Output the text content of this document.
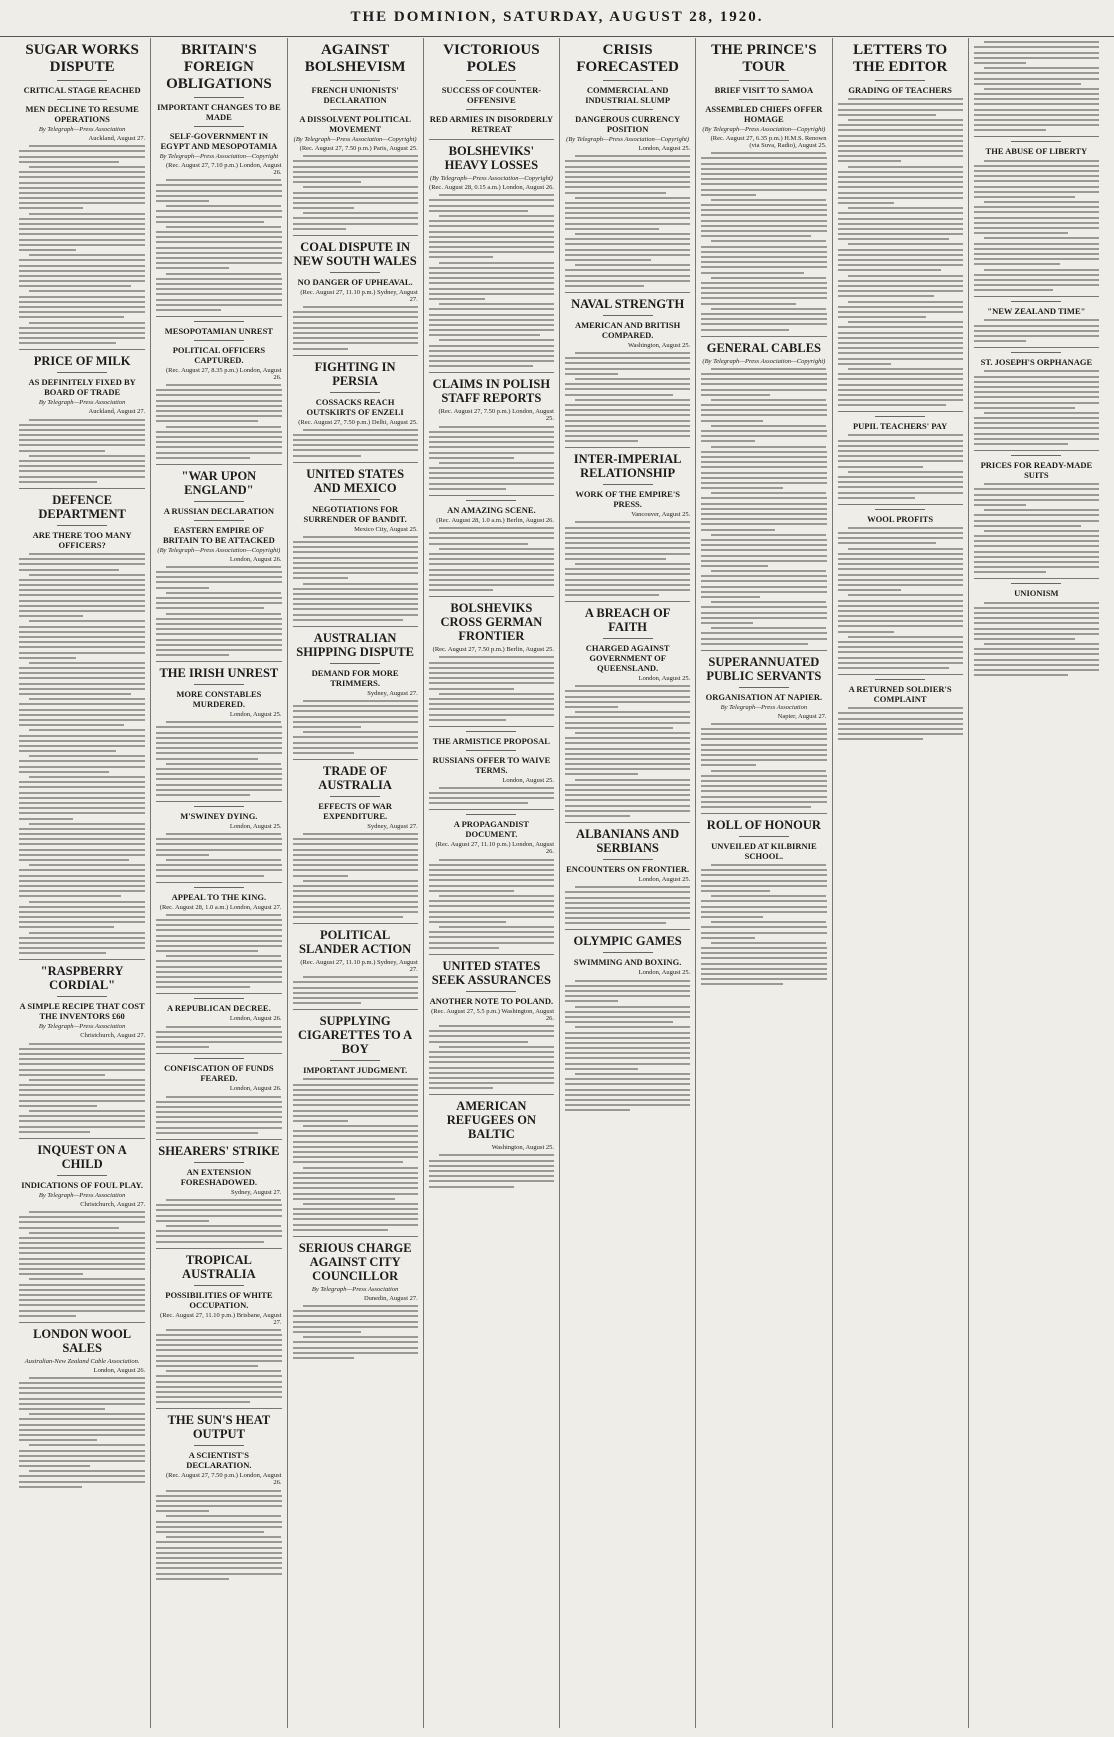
THE DOMINION, SATURDAY, AUGUST 28, 1920.
SUGAR WORKS DISPUTE
CRITICAL STAGE REACHED
MEN DECLINE TO RESUME OPERATIONS
By Telegraph—Press Association
Auckland, August 27.
PRICE OF MILK
AS DEFINITELY FIXED BY BOARD OF TRADE
By Telegraph—Press Association
Auckland, August 27.
DEFENCE DEPARTMENT
ARE THERE TOO MANY OFFICERS?
"RASPBERRY CORDIAL"
A SIMPLE RECIPE THAT COST THE INVENTORS £60
By Telegraph—Press Association
Christchurch, August 27.
INQUEST ON A CHILD
INDICATIONS OF FOUL PLAY.
By Telegraph—Press Association
Christchurch, August 27.
LONDON WOOL SALES
Australian-New Zealand Cable Association.
London, August 26.
BRITAIN'S FOREIGN OBLIGATIONS
IMPORTANT CHANGES TO BE MADE
SELF-GOVERNMENT IN EGYPT AND MESOPOTAMIA
By Telegraph—Press Association—Copyright
(Rec. August 27, 7.10 p.m.) London, August 26.
MESOPOTAMIAN UNREST
POLITICAL OFFICERS CAPTURED.
(Rec. August 27, 8.35 p.m.) London, August 26.
"WAR UPON ENGLAND"
A RUSSIAN DECLARATION
EASTERN EMPIRE OF BRITAIN TO BE ATTACKED
(By Telegraph—Press Association—Copyright)
London, August 26.
THE IRISH UNREST
MORE CONSTABLES MURDERED.
London, August 25.
M'SWINEY DYING.
London, August 25.
APPEAL TO THE KING.
(Rec. August 28, 1.0 a.m.) London, August 27.
A REPUBLICAN DECREE.
London, August 26.
CONFISCATION OF FUNDS FEARED.
London, August 26.
SHEARERS' STRIKE
AN EXTENSION FORESHADOWED.
Sydney, August 27.
TROPICAL AUSTRALIA
POSSIBILITIES OF WHITE OCCUPATION.
(Rec. August 27, 11.10 p.m.) Brisbane, August 27.
THE SUN'S HEAT OUTPUT
A SCIENTIST'S DECLARATION.
(Rec. August 27, 7.50 p.m.) London, August 26.
AGAINST BOLSHEVISM
FRENCH UNIONISTS' DECLARATION
A DISSOLVENT POLITICAL MOVEMENT
(By Telegraph—Press Association—Copyright)
(Rec. August 27, 7.50 p.m.) Paris, August 25.
COAL DISPUTE IN NEW SOUTH WALES
NO DANGER OF UPHEAVAL.
(Rec. August 27, 11.10 p.m.) Sydney, August 27.
FIGHTING IN PERSIA
COSSACKS REACH OUTSKIRTS OF ENZELI
(Rec. August 27, 7.50 p.m.) Delhi, August 25.
UNITED STATES AND MEXICO
NEGOTIATIONS FOR SURRENDER OF BANDIT.
Mexico City, August 25.
AUSTRALIAN SHIPPING DISPUTE
DEMAND FOR MORE TRIMMERS.
Sydney, August 27.
TRADE OF AUSTRALIA
EFFECTS OF WAR EXPENDITURE.
Sydney, August 27.
POLITICAL SLANDER ACTION
(Rec. August 27, 11.10 p.m.) Sydney, August 27.
SUPPLYING CIGARETTES TO A BOY
IMPORTANT JUDGMENT.
SERIOUS CHARGE AGAINST CITY COUNCILLOR
By Telegraph—Press Association
Dunedin, August 27.
VICTORIOUS POLES
SUCCESS OF COUNTER-OFFENSIVE
RED ARMIES IN DISORDERLY RETREAT
BOLSHEVIKS' HEAVY LOSSES
(By Telegraph—Press Association—Copyright)
(Rec. August 28, 0.15 a.m.) London, August 26.
CLAIMS IN POLISH STAFF REPORTS
(Rec. August 27, 7.50 p.m.) London, August 25.
AN AMAZING SCENE.
(Rec. August 28, 1.0 a.m.) Berlin, August 26.
BOLSHEVIKS CROSS GERMAN FRONTIER
(Rec. August 27, 7.50 p.m.) Berlin, August 25.
THE ARMISTICE PROPOSAL
RUSSIANS OFFER TO WAIVE TERMS.
London, August 25.
A PROPAGANDIST DOCUMENT.
(Rec. August 27, 11.10 p.m.) London, August 26.
UNITED STATES SEEK ASSURANCES
ANOTHER NOTE TO POLAND.
(Rec. August 27, 5.5 p.m.) Washington, August 26.
AMERICAN REFUGEES ON BALTIC
Washington, August 25.
CRISIS FORECASTED
COMMERCIAL AND INDUSTRIAL SLUMP
DANGEROUS CURRENCY POSITION
(By Telegraph—Press Association—Copyright)
London, August 25.
NAVAL STRENGTH
AMERICAN AND BRITISH COMPARED.
Washington, August 25.
INTER-IMPERIAL RELATIONSHIP
WORK OF THE EMPIRE'S PRESS.
Vancouver, August 25.
A BREACH OF FAITH
CHARGED AGAINST GOVERNMENT OF QUEENSLAND.
London, August 25.
ALBANIANS AND SERBIANS
ENCOUNTERS ON FRONTIER.
London, August 25.
OLYMPIC GAMES
SWIMMING AND BOXING.
London, August 25.
THE PRINCE'S TOUR
BRIEF VISIT TO SAMOA
ASSEMBLED CHIEFS OFFER HOMAGE
(By Telegraph—Press Association—Copyright)
(Rec. August 27, 6.35 p.m.) H.M.S. Renown (via Suva, Radio), August 25.
GENERAL CABLES
(By Telegraph—Press Association—Copyright)
SUPERANNUATED PUBLIC SERVANTS
ORGANISATION AT NAPIER.
By Telegraph—Press Association
Napier, August 27.
ROLL OF HONOUR
UNVEILED AT KILBIRNIE SCHOOL.
LETTERS TO THE EDITOR
GRADING OF TEACHERS
PUPIL TEACHERS' PAY
WOOL PROFITS
A RETURNED SOLDIER'S COMPLAINT
THE ABUSE OF LIBERTY
"NEW ZEALAND TIME"
ST. JOSEPH'S ORPHANAGE
PRICES FOR READY-MADE SUITS
UNIONISM
